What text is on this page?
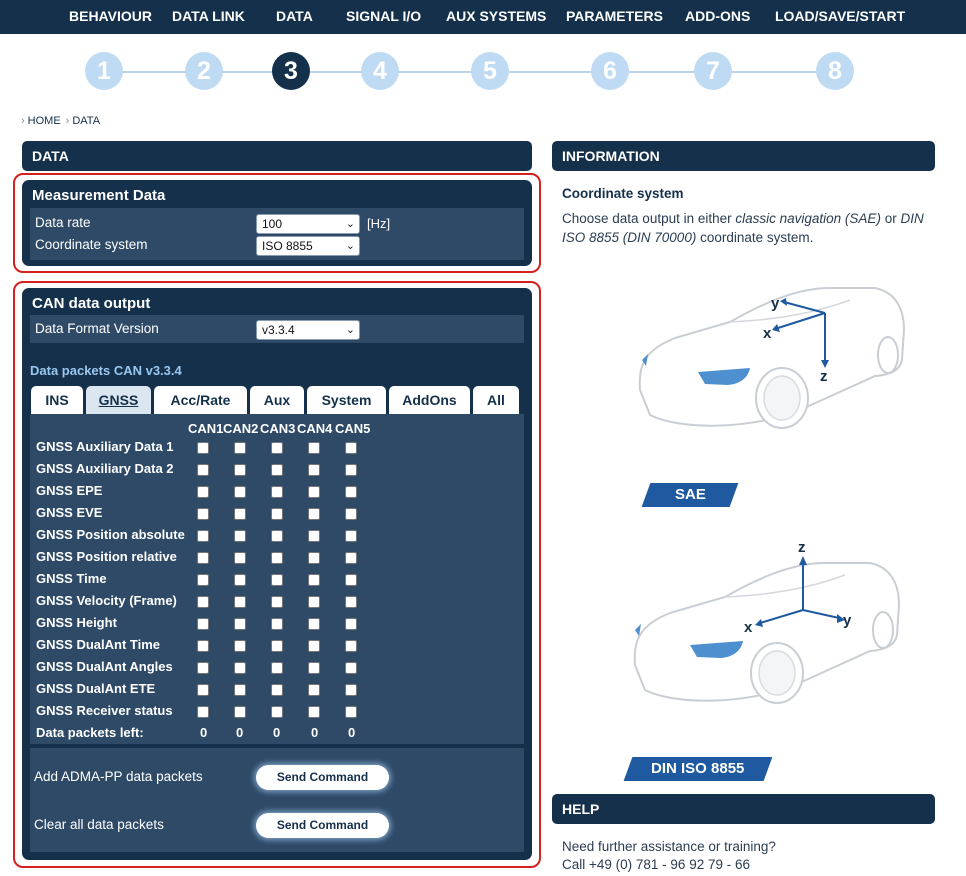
BEHAVIOUR DATA LINK DATA SIGNAL I/O AUX SYSTEMS PARAMETERS ADD-ONS LOAD/SAVE/START
1	2	3	4	5	6	7	8
› HOME › DATA
DATA
Measurement Data
Data rate	100	⌄ [Hz]
Coordinate system	ISO 8855	⌄
CAN data output
Data Format Version	v3.3.4	⌄
Data packets CAN v3.3.4
INS	GNSS	Acc/Rate	Aux	System	AddOns	All
CAN1 CAN2 CAN3 CAN4 CAN5
GNSS Auxiliary Data 1
GNSS Auxiliary Data 2
GNSS EPE
GNSS EVE
GNSS Position absolute
GNSS Position relative
GNSS Time
GNSS Velocity (Frame)
GNSS Height
GNSS DualAnt Time
GNSS DualAnt Angles
GNSS DualAnt ETE
GNSS Receiver status
Data packets left:	0 0 0 0 0
Add ADMA-PP data packets	Send Command
Clear all data packets	Send Command
INFORMATION
Coordinate system
Choose data output in either classic navigation (SAE) or DIN ISO 8855 (DIN 70000) coordinate system.
y
x
z
SAE
z
x	y
DIN ISO 8855
HELP
Need further assistance or training?
Call +49 (0) 781 - 96 92 79 - 66
